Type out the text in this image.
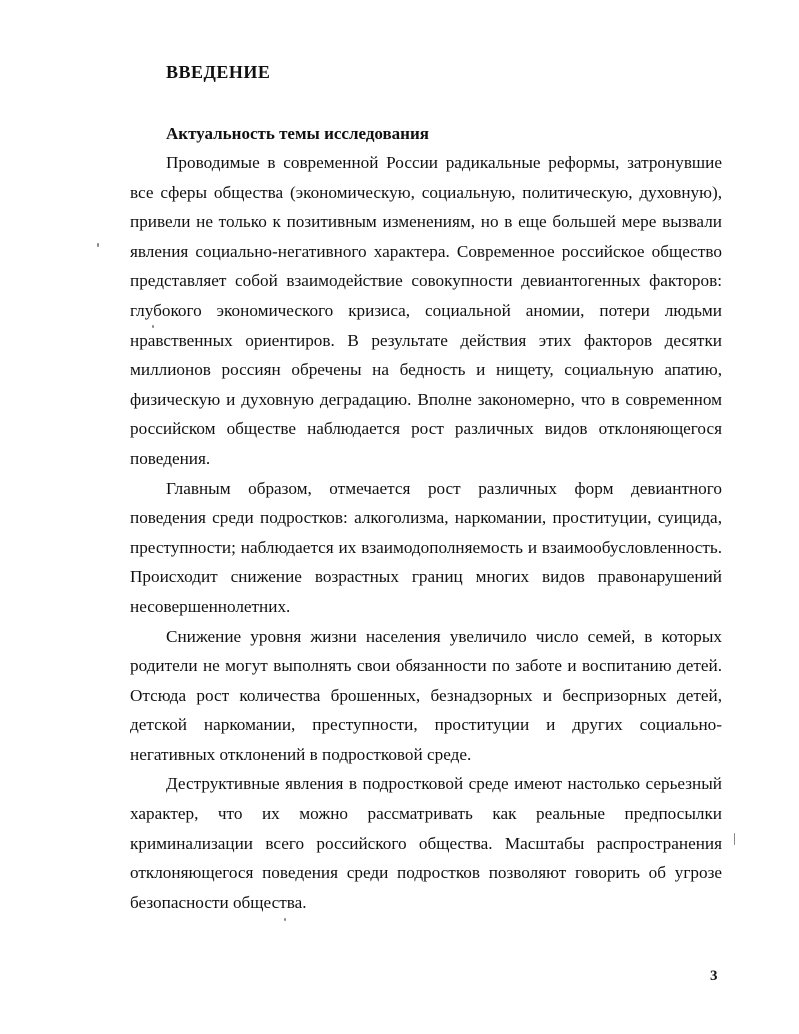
ВВЕДЕНИЕ
Актуальность темы исследования

Проводимые в современной России радикальные реформы, затронувшие все сферы общества (экономическую, социальную, политическую, духовную), привели не только к позитивным изменениям, но в еще большей мере вызвали явления социально-негативного характера. Современное российское общество представляет собой взаимодействие совокупности девиантогенных факторов: глубокого экономического кризиса, социальной аномии, потери людьми нравственных ориентиров. В результате действия этих факторов десятки миллионов россиян обречены на бедность и нищету, социальную апатию, физическую и духовную деградацию. Вполне закономерно, что в современном российском обществе наблюдается рост различных видов отклоняющегося поведения.

Главным образом, отмечается рост различных форм девиантного поведения среди подростков: алкоголизма, наркомании, проституции, суицида, преступности; наблюдается их взаимодополняемость и взаимообусловленность. Происходит снижение возрастных границ многих видов правонарушений несовершеннолетних.

Снижение уровня жизни населения увеличило число семей, в которых родители не могут выполнять свои обязанности по заботе и воспитанию детей. Отсюда рост количества брошенных, безнадзорных и беспризорных детей, детской наркомании, преступности, проституции и других социально-негативных отклонений в подростковой среде.

Деструктивные явления в подростковой среде имеют настолько серьезный характер, что их можно рассматривать как реальные предпосылки криминализации всего российского общества. Масштабы распространения отклоняющегося поведения среди подростков позволяют говорить об угрозе безопасности общества.

3
